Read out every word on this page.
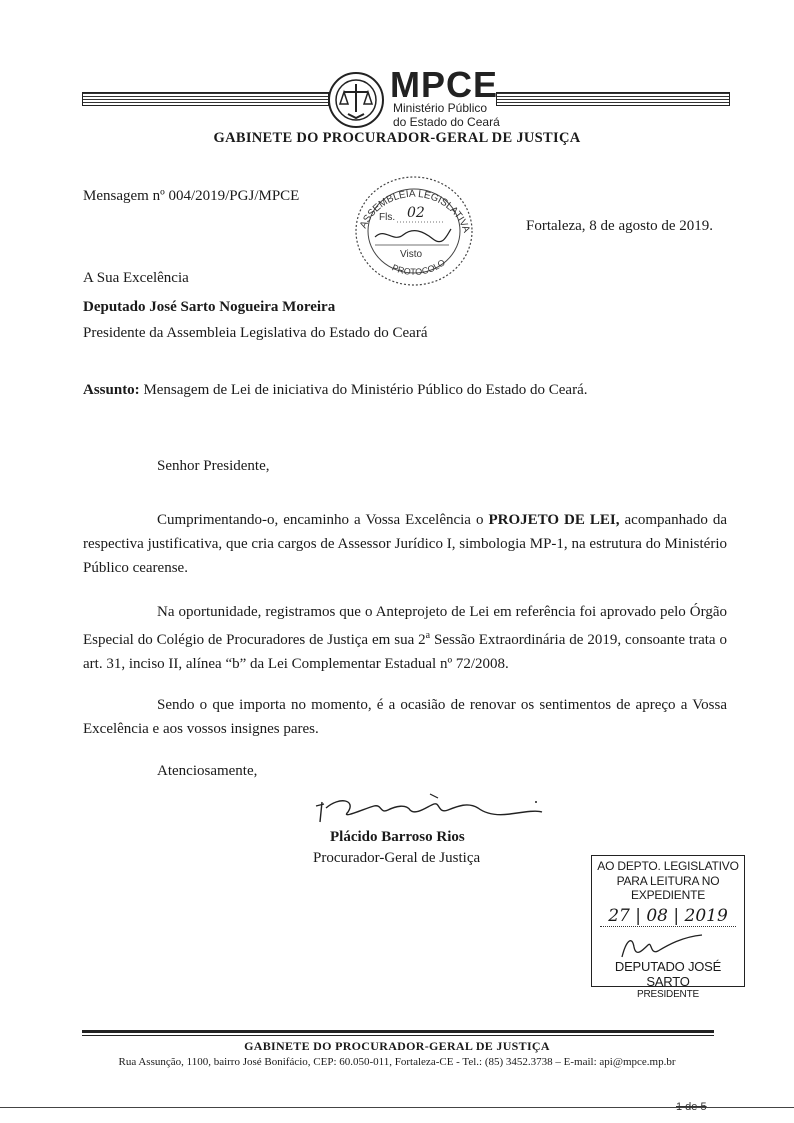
MPCE
Ministério Público
do Estado do Ceará
GABINETE DO PROCURADOR-GERAL DE JUSTIÇA
Mensagem nº 004/2019/PGJ/MPCE
Fortaleza, 8 de agosto de 2019.
ASSEMBLEIA LEGISLATIVA
PROTOCOLO
Fls. 02
Visto
A Sua Excelência
Deputado José Sarto Nogueira Moreira
Presidente da Assembleia Legislativa do Estado do Ceará
Assunto: Mensagem de Lei de iniciativa do Ministério Público do Estado do Ceará.
Senhor Presidente,
Cumprimentando-o, encaminho a Vossa Excelência o PROJETO DE LEI, acompanhado da respectiva justificativa, que cria cargos de Assessor Jurídico I, simbologia MP-1, na estrutura do Ministério Público cearense.
Na oportunidade, registramos que o Anteprojeto de Lei em referência foi aprovado pelo Órgão Especial do Colégio de Procuradores de Justiça em sua 2$^a$ Sessão Extraordinária de 2019, consoante trata o art. 31, inciso II, alínea “b” da Lei Complementar Estadual nº 72/2008.
Sendo o que importa no momento, é a ocasião de renovar os sentimentos de apreço a Vossa Excelência e aos vossos insignes pares.
Atenciosamente,
Plácido Barroso Rios
Procurador-Geral de Justiça	AO DEPTO. LEGISLATIVO
PARA LEITURA NO EXPEDIENTE
27 | 08 | 2019
DEPUTADO JOSÉ SARTO
PRESIDENTE
GABINETE DO PROCURADOR-GERAL DE JUSTIÇA
Rua Assunção, 1100, bairro José Bonifácio, CEP: 60.050-011, Fortaleza-CE - Tel.: (85) 3452.3738 – E-mail: api@mpce.mp.br
1 de 5
